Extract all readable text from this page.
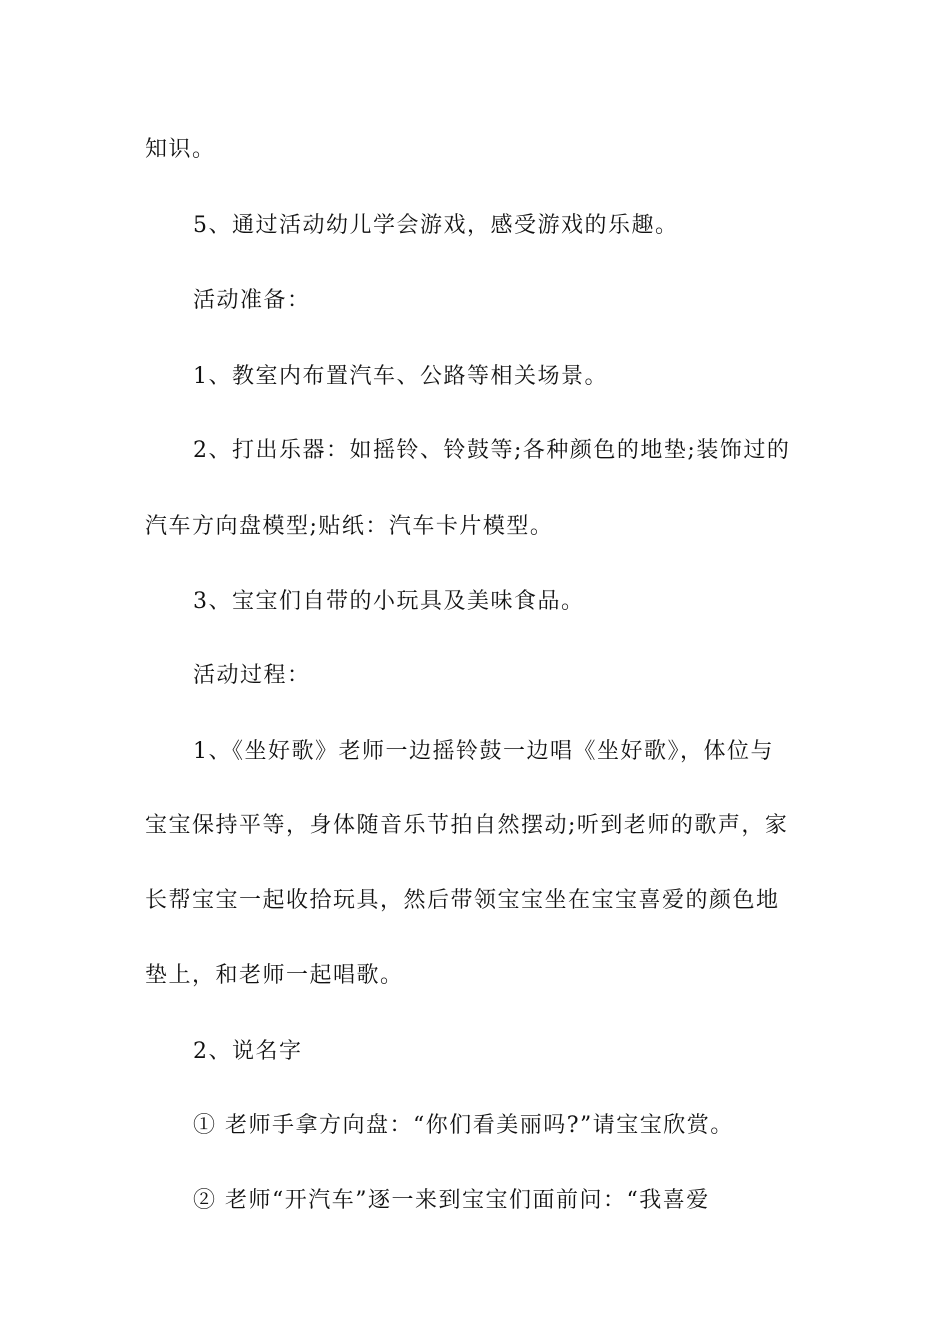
知识。
5、通过活动幼儿学会游戏，感受游戏的乐趣。
活动准备：
1、教室内布置汽车、公路等相关场景。
2、打出乐器：如摇铃、铃鼓等;各种颜色的地垫;装饰过的
汽车方向盘模型;贴纸：汽车卡片模型。
3、宝宝们自带的小玩具及美味食品。
活动过程：
1、《坐好歌》老师一边摇铃鼓一边唱《坐好歌》，体位与
宝宝保持平等，身体随音乐节拍自然摆动;听到老师的歌声，家
长帮宝宝一起收拾玩具，然后带领宝宝坐在宝宝喜爱的颜色地
垫上，和老师一起唱歌。
2、说名字
① 老师手拿方向盘：“你们看美丽吗?”请宝宝欣赏。
② 老师“开汽车”逐一来到宝宝们面前问：“我喜爱
